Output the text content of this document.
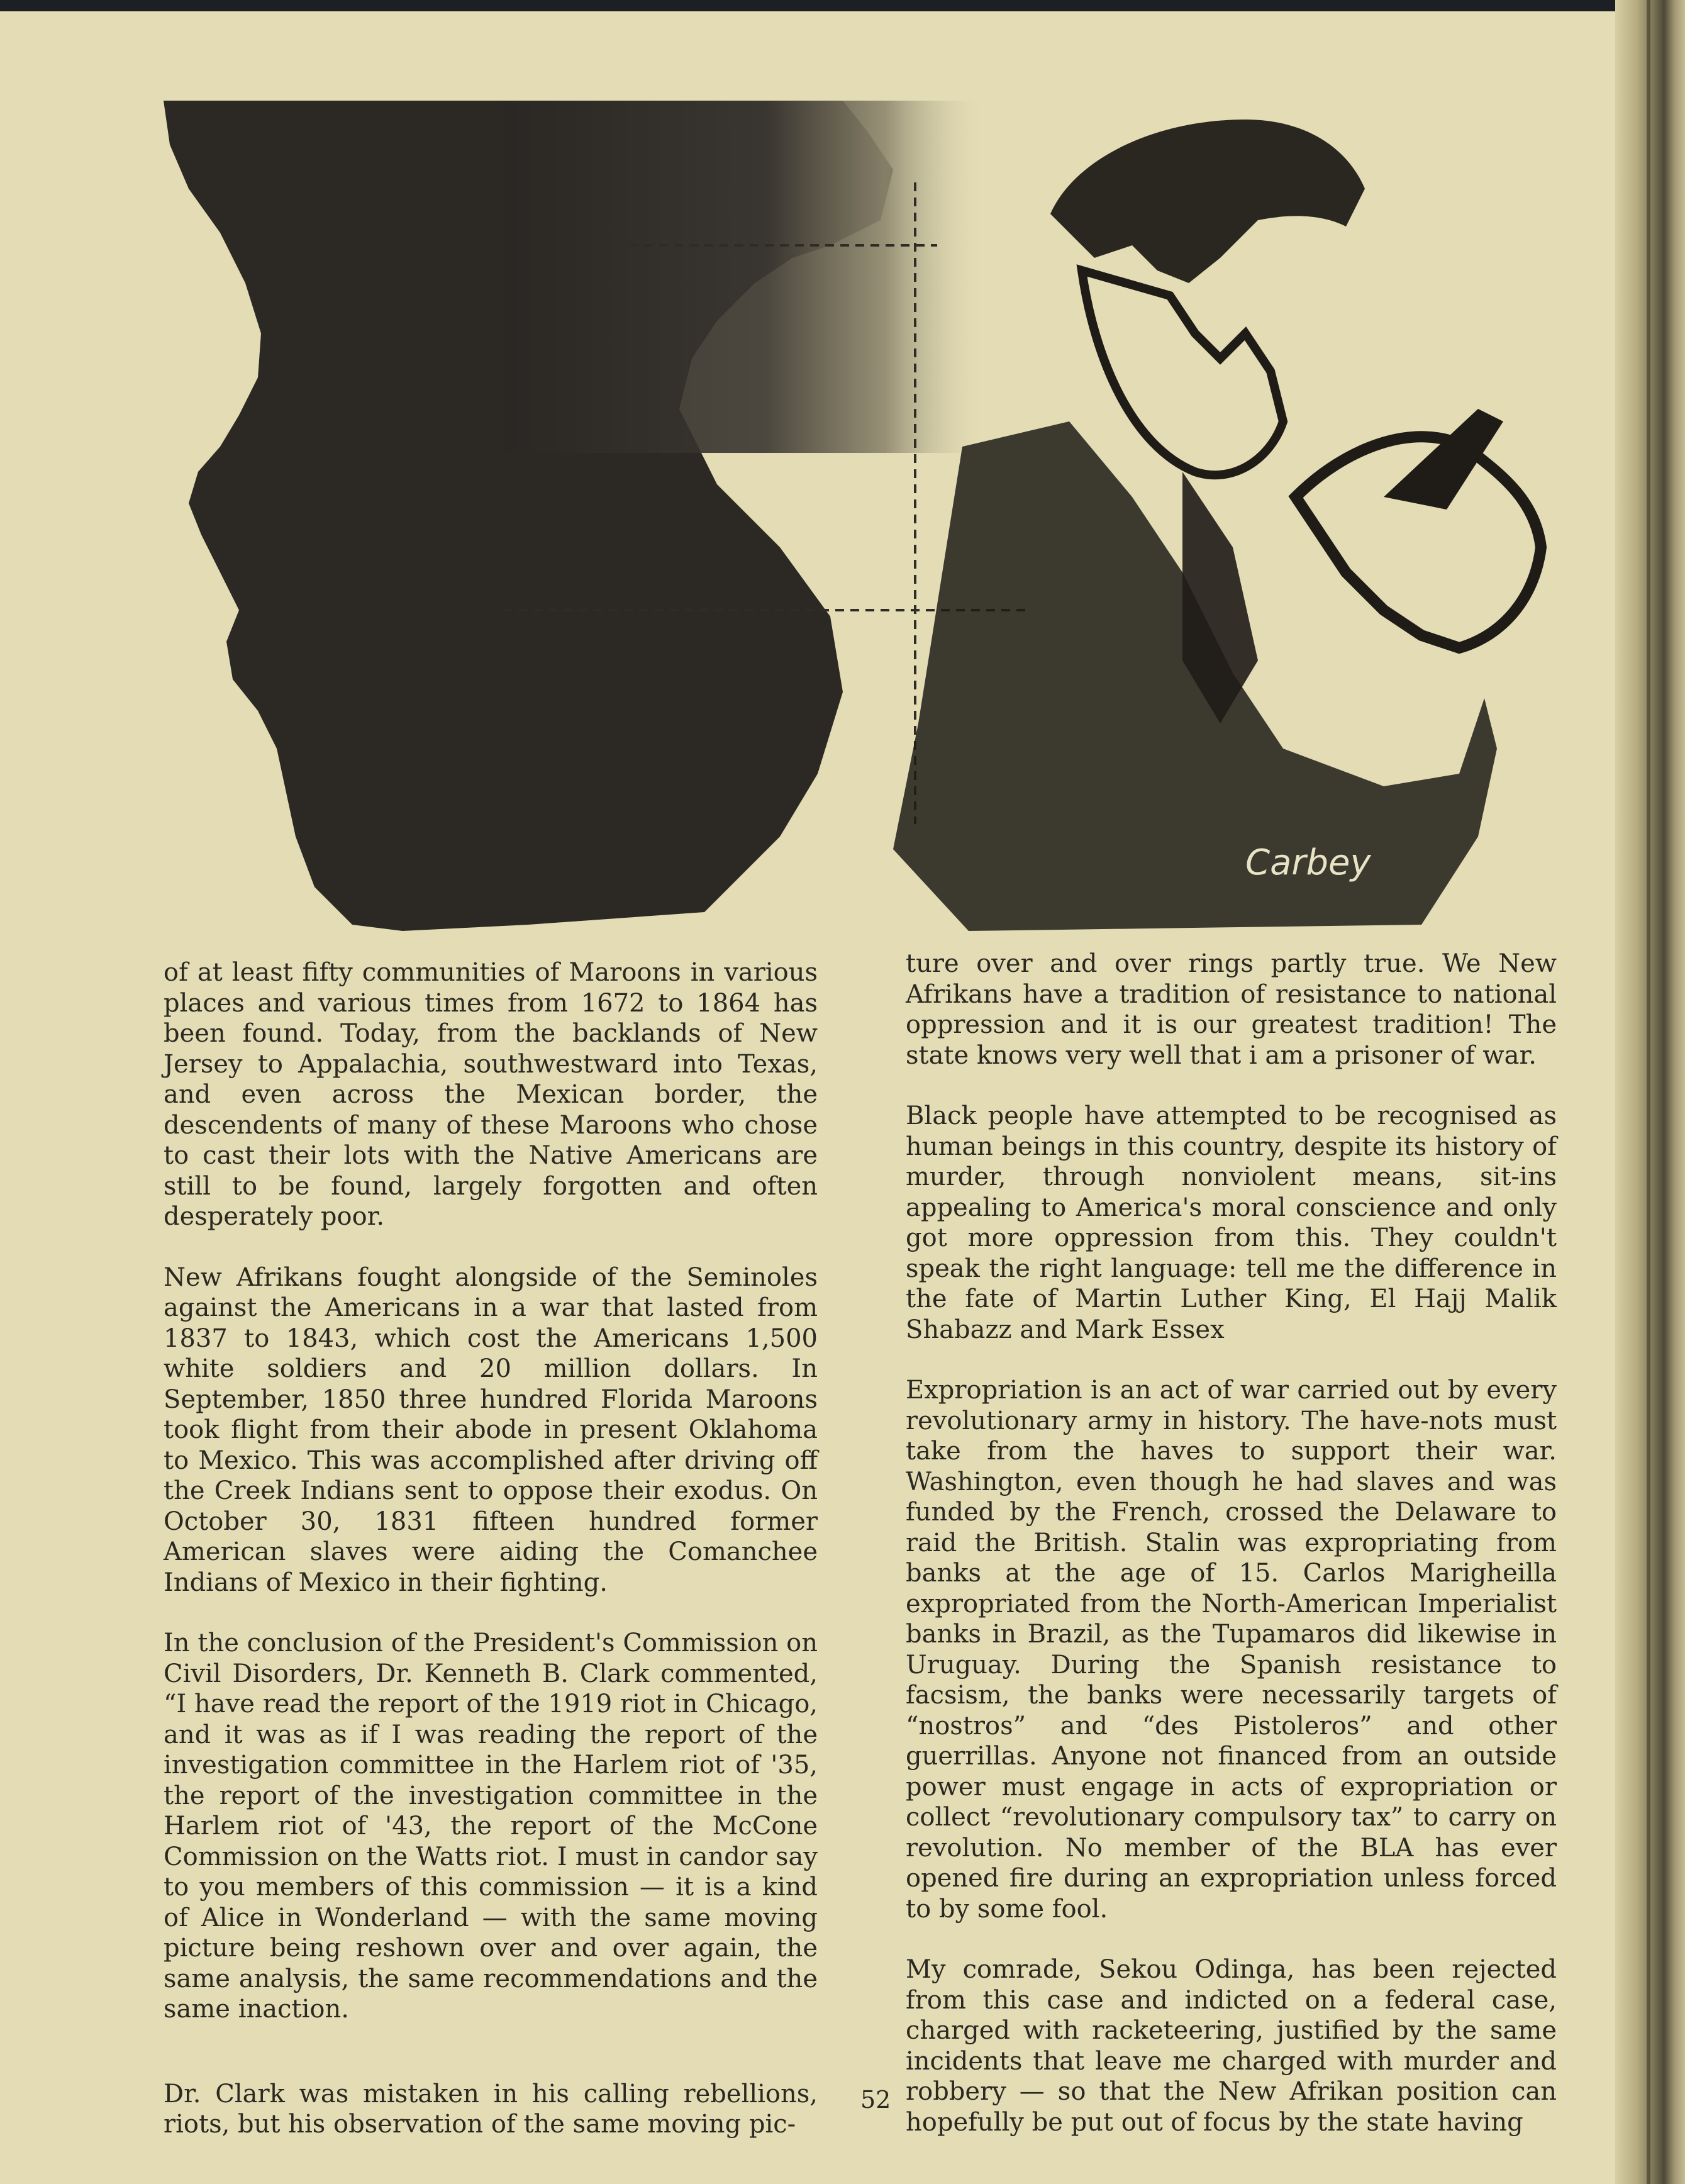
Carbey

of at least fifty communities of Maroons in various places and various times from 1672 to 1864 has been found. Today, from the backlands of New Jersey to Appalachia, southwestward into Texas, and even across the Mexican border, the descendents of many of these Maroons who chose to cast their lots with the Native Americans are still to be found, largely forgotten and often desperately poor.

New Afrikans fought alongside of the Seminoles against the Americans in a war that lasted from 1837 to 1843, which cost the Americans 1,500 white soldiers and 20 million dollars. In September, 1850 three hundred Florida Maroons took flight from their abode in present Oklahoma to Mexico. This was accomplished after driving off the Creek Indians sent to oppose their exodus. On October 30, 1831 fifteen hundred former American slaves were aiding the Comanchee Indians of Mexico in their fighting.

In the conclusion of the President's Commission on Civil Disorders, Dr. Kenneth B. Clark commented, “I have read the report of the 1919 riot in Chicago, and it was as if I was reading the report of the investigation committee in the Harlem riot of '35, the report of the investigation committee in the Harlem riot of '43, the report of the McCone Commission on the Watts riot. I must in candor say to you members of this commission — it is a kind of Alice in Wonderland — with the same moving picture being reshown over and over again, the same analysis, the same recommendations and the same inaction.

Dr. Clark was mistaken in his calling rebellions, riots, but his observation of the same moving pic-

ture over and over rings partly true. We New Afrikans have a tradition of resistance to national oppression and it is our greatest tradition! The state knows very well that i am a prisoner of war.

Black people have attempted to be recognised as human beings in this country, despite its history of murder, through nonviolent means, sit-ins appealing to America's moral conscience and only got more oppression from this. They couldn't speak the right language: tell me the difference in the fate of Martin Luther King, El Hajj Malik Shabazz and Mark Essex

Expropriation is an act of war carried out by every revolutionary army in history. The have-nots must take from the haves to support their war. Washington, even though he had slaves and was funded by the French, crossed the Delaware to raid the British. Stalin was expropriating from banks at the age of 15. Carlos Marigheilla expropriated from the North-American Imperialist banks in Brazil, as the Tupamaros did likewise in Uruguay. During the Spanish resistance to facsism, the banks were necessarily targets of “nostros” and “des Pistoleros” and other guerrillas. Anyone not financed from an outside power must engage in acts of expropriation or collect “revolutionary compulsory tax” to carry on revolution. No member of the BLA has ever opened fire during an expropriation unless forced to by some fool.

My comrade, Sekou Odinga, has been rejected from this case and indicted on a federal case, charged with racketeering, justified by the same incidents that leave me charged with murder and robbery — so that the New Afrikan position can hopefully be put out of focus by the state having

52
